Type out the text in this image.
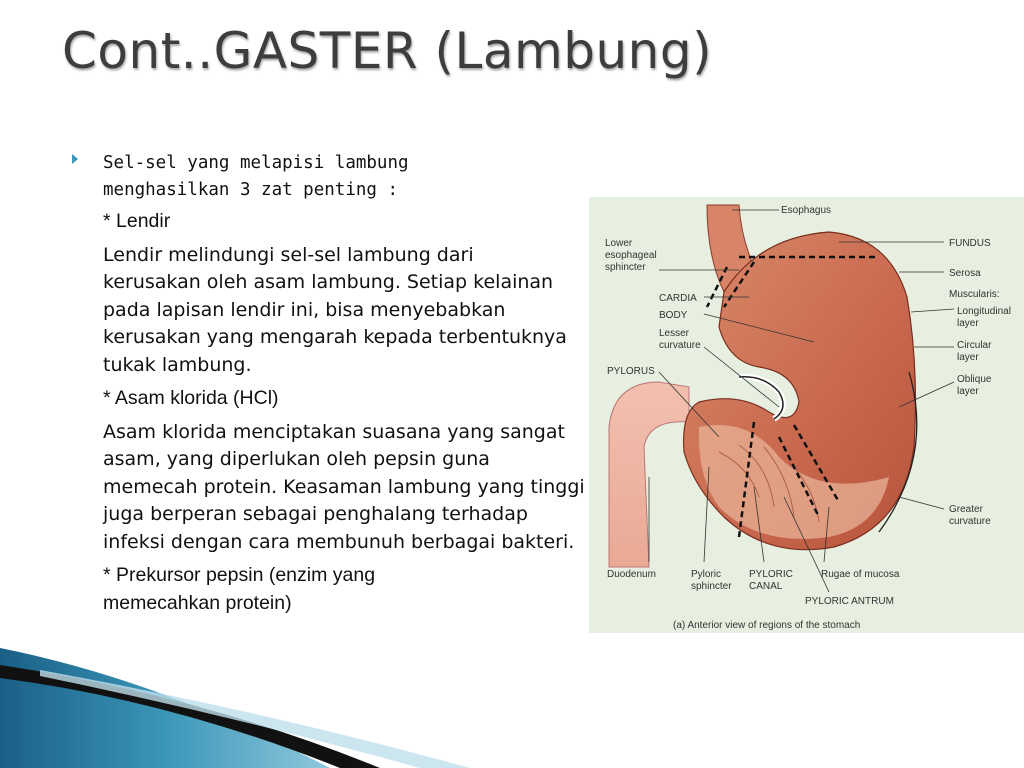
Cont..GASTER (Lambung)

Sel-sel yang melapisi lambung
menghasilkan 3 zat penting :

* Lendir

Lendir melindungi sel-sel lambung dari kerusakan oleh asam lambung. Setiap kelainan pada lapisan lendir ini, bisa menyebabkan kerusakan yang mengarah kepada terbentuknya tukak lambung.

* Asam klorida (HCl)

Asam klorida menciptakan suasana yang sangat asam, yang diperlukan oleh pepsin guna memecah protein. Keasaman lambung yang tinggi juga berperan sebagai penghalang terhadap infeksi dengan cara membunuh berbagai bakteri.

* Prekursor pepsin (enzim yang memecahkan protein)

Esophagus
Lower
esophageal
sphincter
FUNDUS
Serosa
Muscularis:
Longitudinal
layer
Circular
layer
Oblique
layer
CARDIA
BODY
Lesser
curvature
PYLORUS
Greater
curvature
Duodenum	Pyloric
sphincter
PYLORIC
CANAL
Rugae of mucosa
PYLORIC ANTRUM
(a) Anterior view of regions of the stomach
